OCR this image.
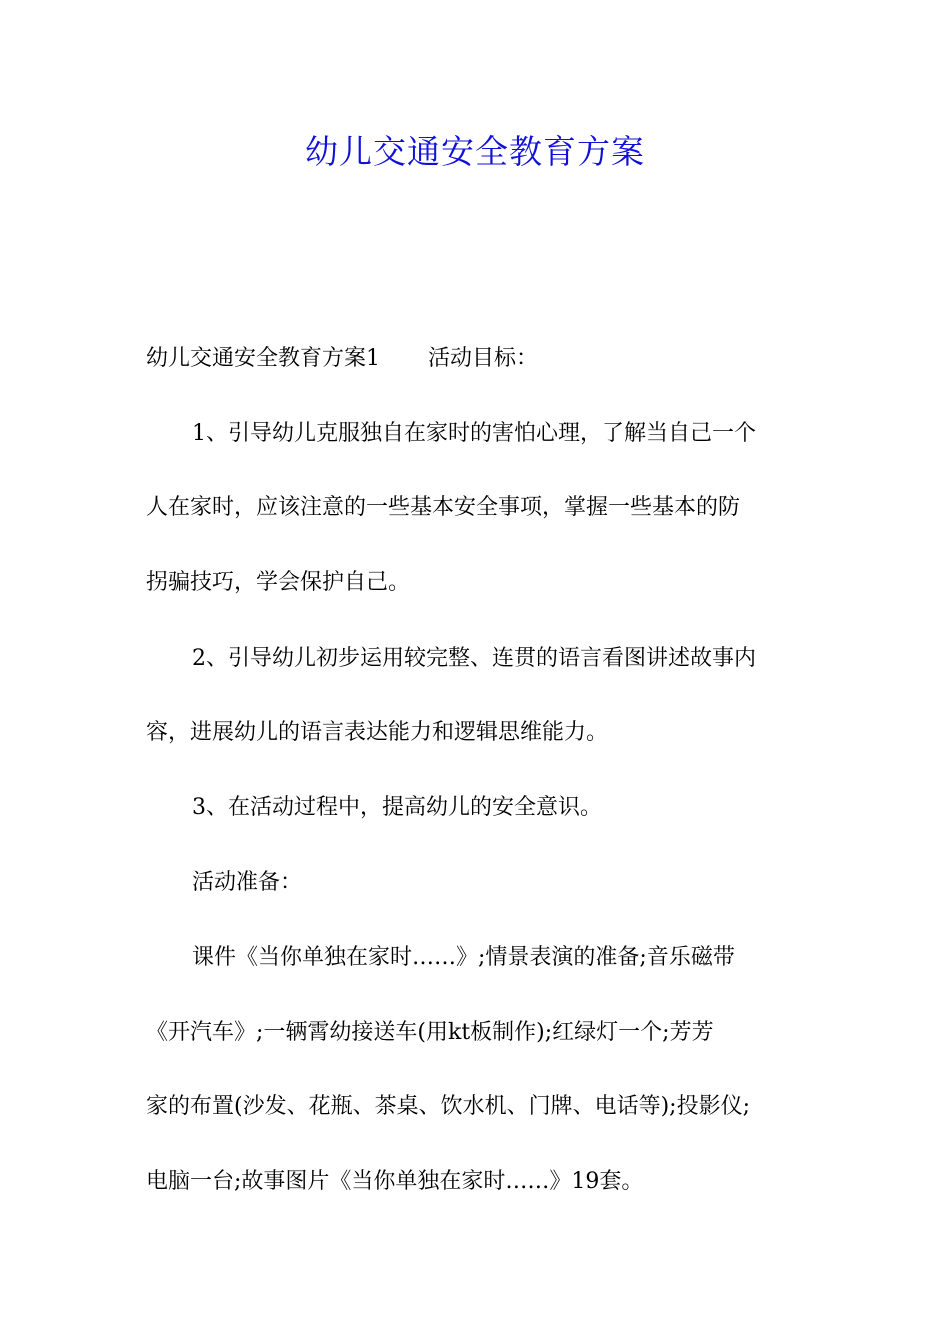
幼儿交通安全教育方案

幼儿交通安全教育方案1 活动目标：

1、引导幼儿克服独自在家时的害怕心理，了解当自己一个

人在家时，应该注意的一些基本安全事项，掌握一些基本的防

拐骗技巧，学会保护自己。

2、引导幼儿初步运用较完整、连贯的语言看图讲述故事内

容，进展幼儿的语言表达能力和逻辑思维能力。

3、在活动过程中，提高幼儿的安全意识。

活动准备：

课件《当你单独在家时……》;情景表演的准备;音乐磁带

《开汽车》;一辆霄幼接送车(用kt板制作);红绿灯一个;芳芳

家的布置(沙发、花瓶、茶桌、饮水机、门牌、电话等);投影仪;

电脑一台;故事图片《当你单独在家时……》19套。
